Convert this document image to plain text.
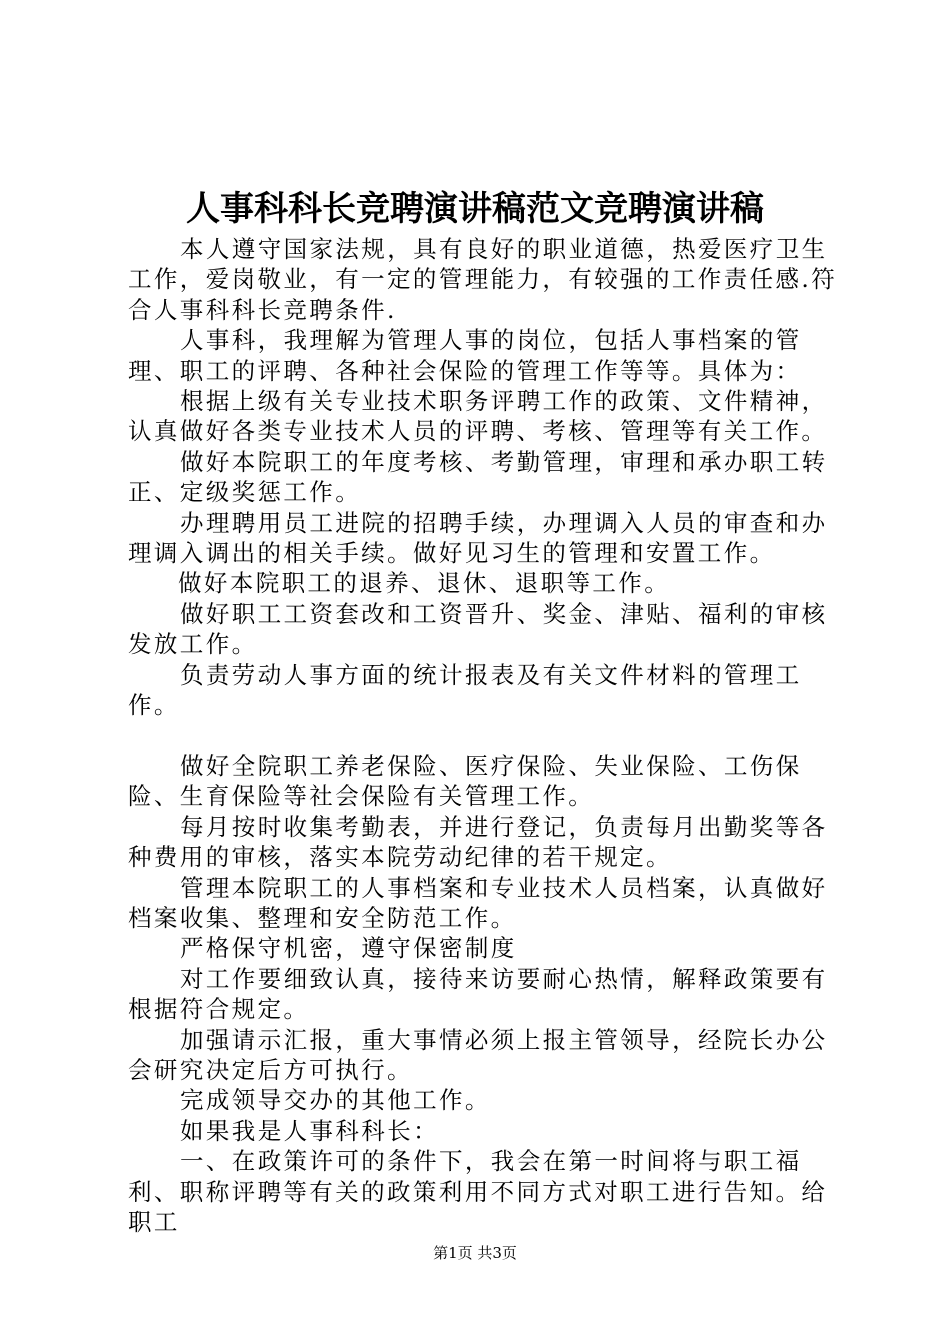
人事科科长竞聘演讲稿范文竞聘演讲稿

本人遵守国家法规，具有良好的职业道德，热爱医疗卫生工作，爱岗敬业，有一定的管理能力，有较强的工作责任感.符合人事科科长竞聘条件.

人事科，我理解为管理人事的岗位，包括人事档案的管理、职工的评聘、各种社会保险的管理工作等等。具体为：

根据上级有关专业技术职务评聘工作的政策、文件精神，认真做好各类专业技术人员的评聘、考核、管理等有关工作。

做好本院职工的年度考核、考勤管理，审理和承办职工转正、定级奖惩工作。

办理聘用员工进院的招聘手续，办理调入人员的审查和办理调入调出的相关手续。做好见习生的管理和安置工作。

做好本院职工的退养、退休、退职等工作。

做好职工工资套改和工资晋升、奖金、津贴、福利的审核发放工作。

负责劳动人事方面的统计报表及有关文件材料的管理工作。

做好全院职工养老保险、医疗保险、失业保险、工伤保险、生育保险等社会保险有关管理工作。

每月按时收集考勤表，并进行登记，负责每月出勤奖等各种费用的审核，落实本院劳动纪律的若干规定。

管理本院职工的人事档案和专业技术人员档案，认真做好档案收集、整理和安全防范工作。

严格保守机密，遵守保密制度

对工作要细致认真，接待来访要耐心热情，解释政策要有根据符合规定。

加强请示汇报，重大事情必须上报主管领导，经院长办公会研究决定后方可执行。

完成领导交办的其他工作。

如果我是人事科科长：

一、在政策许可的条件下，我会在第一时间将与职工福利、职称评聘等有关的政策利用不同方式对职工进行告知。给职工

第1页 共3页
